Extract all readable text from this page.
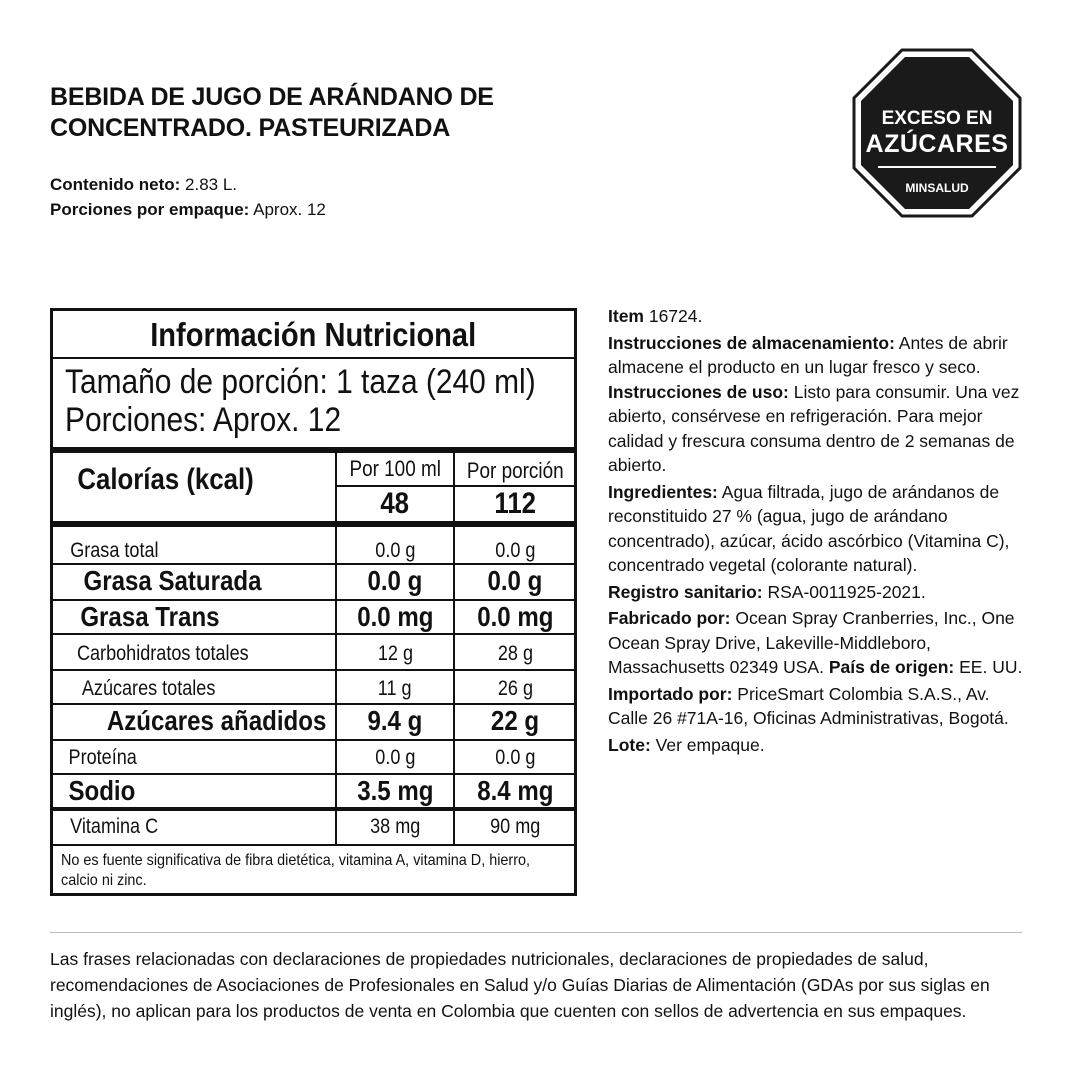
BEBIDA DE JUGO DE ARÁNDANO DE
CONCENTRADO. PASTEURIZADA
Contenido neto: 2.83 L.
Porciones por empaque: Aprox. 12
EXCESO EN
AZÚCARES
MINSALUD
Información Nutricional
Tamaño de porción: 1 taza (240 ml)
Porciones: Aprox. 12
Calorías (kcal)	Por 100 ml	Por porción
48	112
Grasa total	0.0 g	0.0 g
Grasa Saturada	0.0 g	0.0 g
Grasa Trans	0.0 mg	0.0 mg
Carbohidratos totales	12 g	28 g
Azúcares totales	11 g	26 g
Azúcares añadidos	9.4 g	22 g
Proteína	0.0 g	0.0 g
Sodio	3.5 mg	8.4 mg
Vitamina C	38 mg	90 mg
No es fuente significativa de fibra dietética, vitamina A, vitamina D, hierro, calcio ni zinc.

Item 16724.

Instrucciones de almacenamiento: Antes de abrir almacene el producto en un lugar fresco y seco. Instrucciones de uso: Listo para consumir. Una vez abierto, consérvese en refrigeración. Para mejor calidad y frescura consuma dentro de 2 semanas de abierto.

Ingredientes: Agua filtrada, jugo de arándanos de reconstituido 27 % (agua, jugo de arándano concentrado), azúcar, ácido ascórbico (Vitamina C), concentrado vegetal (colorante natural).

Registro sanitario: RSA-0011925-2021.

Fabricado por: Ocean Spray Cranberries, Inc., One Ocean Spray Drive, Lakeville-Middleboro, Massachusetts 02349 USA. País de origen: EE. UU.

Importado por: PriceSmart Colombia S.A.S., Av. Calle 26 #71A-16, Oficinas Administrativas, Bogotá.

Lote: Ver empaque.

Las frases relacionadas con declaraciones de propiedades nutricionales, declaraciones de propiedades de salud, recomendaciones de Asociaciones de Profesionales en Salud y/o Guías Diarias de Alimentación (GDAs por sus siglas en inglés), no aplican para los productos de venta en Colombia que cuenten con sellos de advertencia en sus empaques.
